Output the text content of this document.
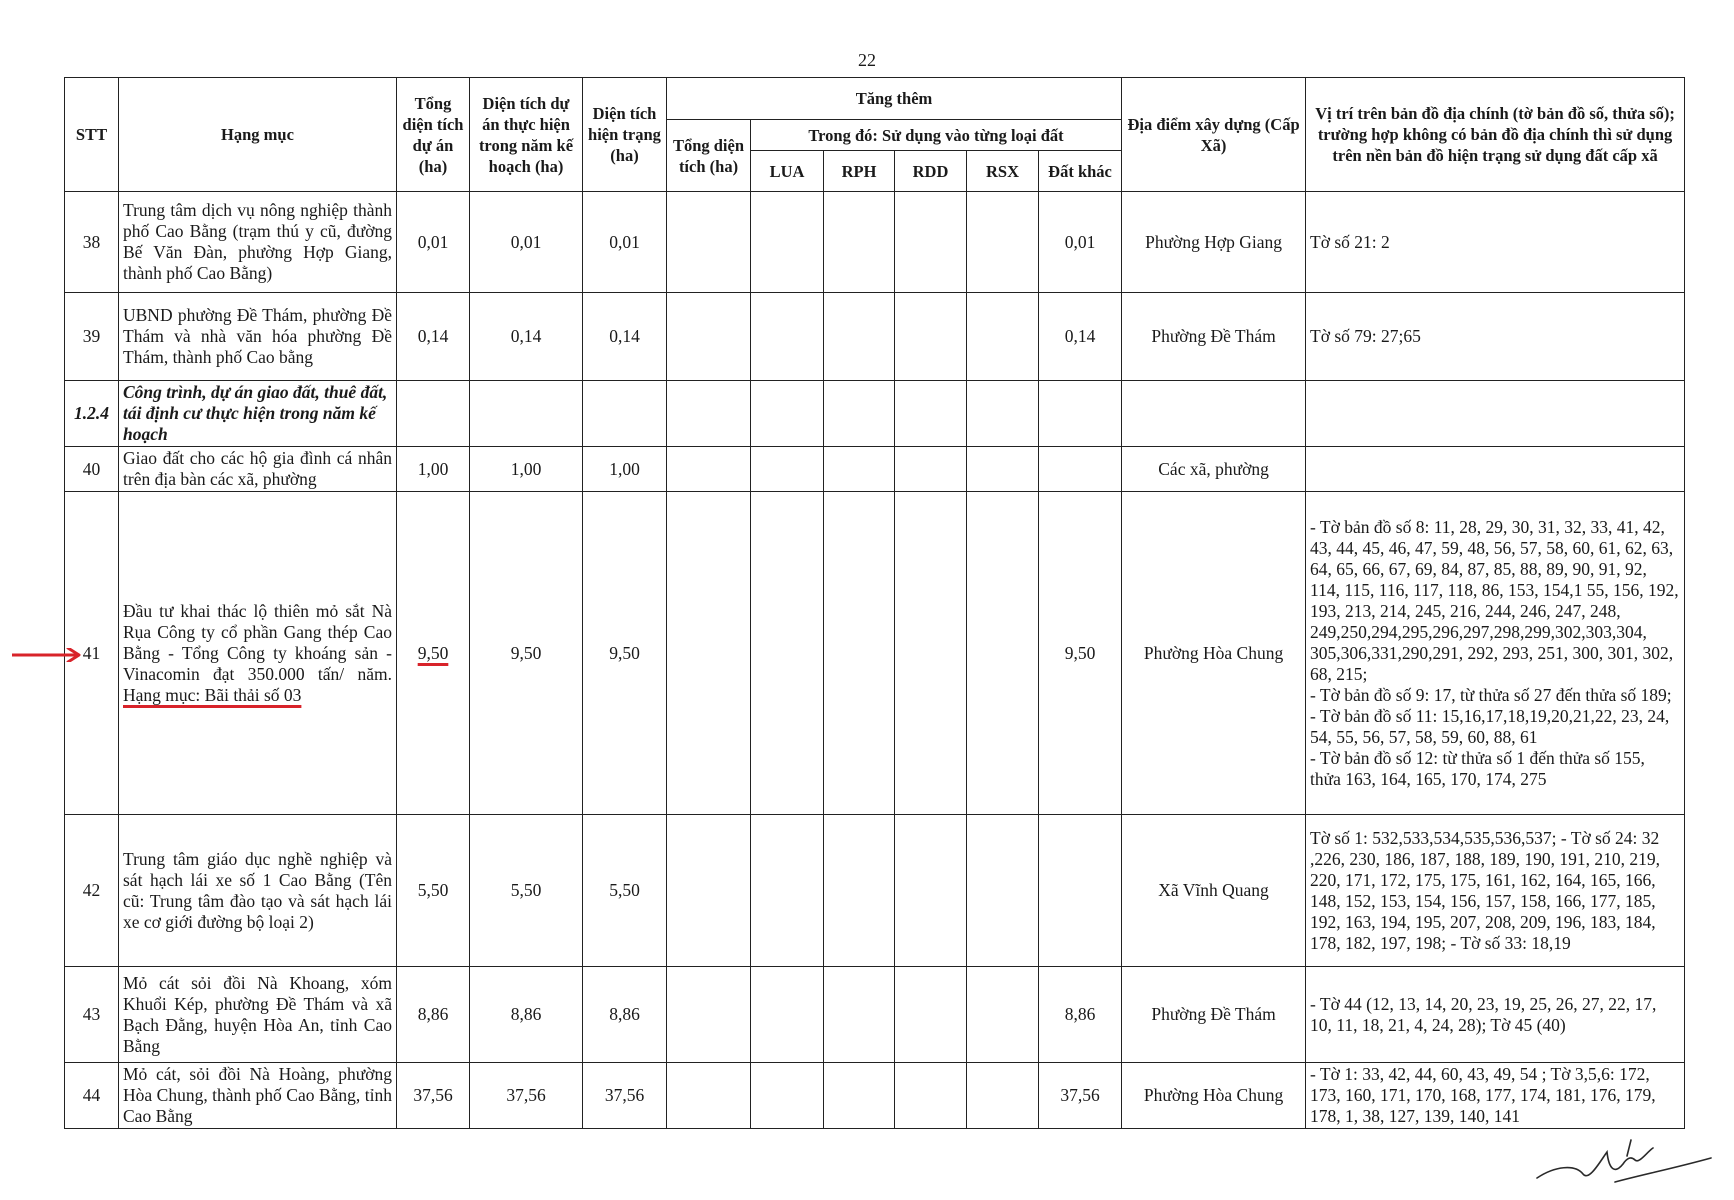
22
STT	Hạng mục	Tổng diện tích dự án (ha)	Diện tích dự án thực hiện trong năm kế hoạch (ha)	Diện tích hiện trạng (ha)	Tăng thêm						Địa điểm xây dựng (Cấp Xã)	Vị trí trên bản đồ địa chính (tờ bản đồ số, thửa số); trường hợp không có bản đồ địa chính thì sử dụng trên nền bản đồ hiện trạng sử dụng đất cấp xã
					Tổng diện tích (ha)	Trong đó: Sử dụng vào từng loại đất						
						LUA	RPH	RDD	RSX	Đất khác		
38	Trung tâm dịch vụ nông nghiệp thành phố Cao Bằng (trạm thú y cũ, đường Bế Văn Đàn, phường Hợp Giang, thành phố Cao Bằng)	0,01	0,01	0,01						0,01	Phường Hợp Giang	Tờ số 21: 2
39	UBND phường Đề Thám, phường Đề Thám và nhà văn hóa phường Đề Thám, thành phố Cao bằng	0,14	0,14	0,14						0,14	Phường Đề Thám	Tờ số 79: 27;65
1.2.4	Công trình, dự án giao đất, thuê đất, tái định cư thực hiện trong năm kế hoạch											
40	Giao đất cho các hộ gia đình cá nhân trên địa bàn các xã, phường	1,00	1,00	1,00							Các xã, phường	
41	Đầu tư khai thác lộ thiên mỏ sắt Nà Rụa Công ty cổ phần Gang thép Cao Bằng - Tổng Công ty khoáng sản - Vinacomin đạt 350.000 tấn/ năm. Hạng mục: Bãi thải số 03	9,50	9,50	9,50						9,50	Phường Hòa Chung	- Tờ bản đồ số 8: 11, 28, 29, 30, 31, 32, 33, 41, 42, 43, 44, 45, 46, 47, 59, 48, 56, 57, 58, 60, 61, 62, 63, 64, 65, 66, 67, 69, 84, 87, 85, 88, 89, 90, 91, 92, 114, 115, 116, 117, 118, 86, 153, 154,1 55, 156, 192, 193, 213, 214, 245, 216, 244, 246, 247, 248,
249,250,294,295,296,297,298,299,302,303,304, 305,306,331,290,291, 292, 293, 251, 300, 301, 302, 68, 215;
- Tờ bản đồ số 9: 17, từ thửa số 27 đến thửa số 189;
- Tờ bản đồ số 11: 15,16,17,18,19,20,21,22, 23, 24, 54, 55, 56, 57, 58, 59, 60, 88, 61
- Tờ bản đồ số 12: từ thửa số 1 đến thửa số 155, thửa 163, 164, 165, 170, 174, 275

42	Trung tâm giáo dục nghề nghiệp và sát hạch lái xe số 1 Cao Bằng (Tên cũ: Trung tâm đào tạo và sát hạch lái xe cơ giới đường bộ loại 2)	5,50	5,50	5,50							Xã Vĩnh Quang	Tờ số 1: 532,533,534,535,536,537; - Tờ số 24: 32 ,226, 230, 186, 187, 188, 189, 190, 191, 210, 219, 220, 171, 172, 175, 175, 161, 162, 164, 165, 166, 148, 152, 153, 154, 156, 157, 158, 166, 177, 185, 192, 163, 194, 195, 207, 208, 209, 196, 183, 184, 178, 182, 197, 198; - Tờ số 33: 18,19
43	Mỏ cát sỏi đồi Nà Khoang, xóm Khuổi Kép, phường Đề Thám và xã Bạch Đằng, huyện Hòa An, tỉnh Cao Bằng	8,86	8,86	8,86						8,86	Phường Đề Thám	- Tờ 44 (12, 13, 14, 20, 23, 19, 25, 26, 27, 22, 17, 10, 11, 18, 21, 4, 24, 28); Tờ 45 (40)
44	Mỏ cát, sỏi đồi Nà Hoàng, phường Hòa Chung, thành phố Cao Bằng, tỉnh Cao Bằng	37,56	37,56	37,56						37,56	Phường Hòa Chung	- Tờ 1: 33, 42, 44, 60, 43, 49, 54 ; Tờ 3,5,6: 172, 173, 160, 171, 170, 168, 177, 174, 181, 176, 179, 178, 1, 38, 127, 139, 140, 141
